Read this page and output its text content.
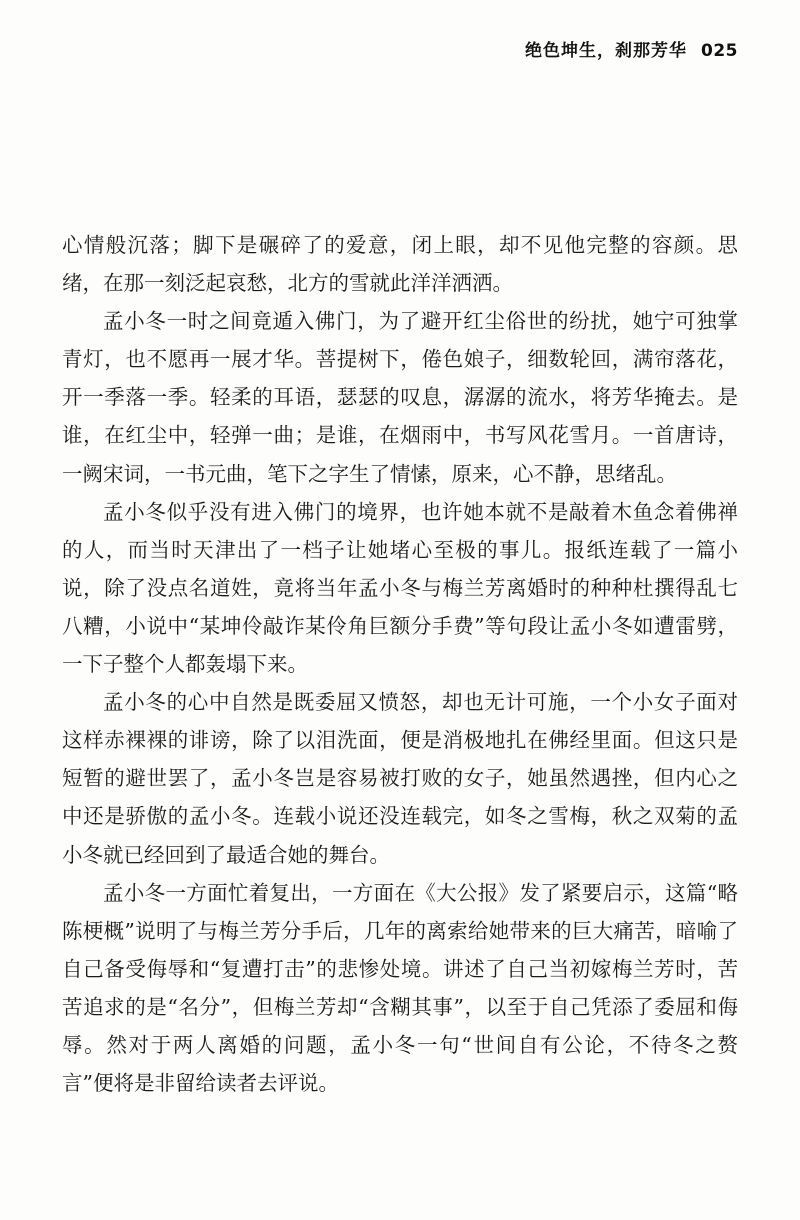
绝色坤生，刹那芳华 025

心情般沉落；脚下是碾碎了的爱意，闭上眼，却不见他完整的容颜。思绪，在那一刻泛起哀愁，北方的雪就此洋洋洒洒。

孟小冬一时之间竟遁入佛门，为了避开红尘俗世的纷扰，她宁可独掌青灯，也不愿再一展才华。菩提树下，倦色娘子，细数轮回，满帘落花，开一季落一季。轻柔的耳语，瑟瑟的叹息，潺潺的流水，将芳华掩去。是谁，在红尘中，轻弹一曲；是谁，在烟雨中，书写风花雪月。一首唐诗，一阙宋词，一书元曲，笔下之字生了情愫，原来，心不静，思绪乱。

孟小冬似乎没有进入佛门的境界，也许她本就不是敲着木鱼念着佛禅的人，而当时天津出了一档子让她堵心至极的事儿。报纸连载了一篇小说，除了没点名道姓，竟将当年孟小冬与梅兰芳离婚时的种种杜撰得乱七八糟，小说中“某坤伶敲诈某伶角巨额分手费”等句段让孟小冬如遭雷劈，一下子整个人都轰塌下来。

孟小冬的心中自然是既委屈又愤怒，却也无计可施，一个小女子面对这样赤裸裸的诽谤，除了以泪洗面，便是消极地扎在佛经里面。但这只是短暂的避世罢了，孟小冬岂是容易被打败的女子，她虽然遇挫，但内心之中还是骄傲的孟小冬。连载小说还没连载完，如冬之雪梅，秋之双菊的孟小冬就已经回到了最适合她的舞台。

孟小冬一方面忙着复出，一方面在《大公报》发了紧要启示，这篇“略陈梗概”说明了与梅兰芳分手后，几年的离索给她带来的巨大痛苦，暗喻了自己备受侮辱和“复遭打击”的悲惨处境。讲述了自己当初嫁梅兰芳时，苦苦追求的是“名分”，但梅兰芳却“含糊其事”，以至于自己凭添了委屈和侮辱。然对于两人离婚的问题，孟小冬一句“世间自有公论，不待冬之赘言”便将是非留给读者去评说。
